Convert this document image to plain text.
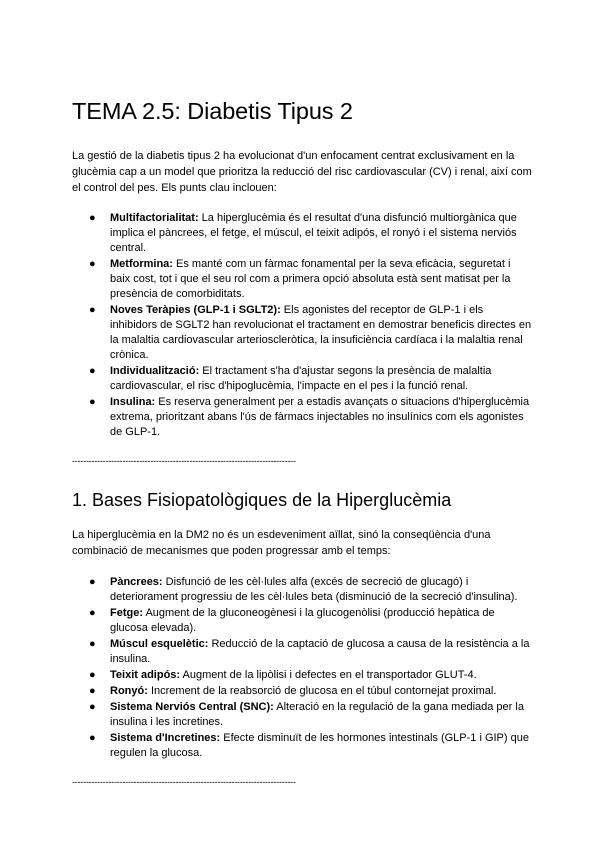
TEMA 2.5: Diabetis Tipus 2

La gestió de la diabetis tipus 2 ha evolucionat d'un enfocament centrat exclusivament en la glucèmia cap a un model que prioritza la reducció del risc cardiovascular (CV) i renal, així com el control del pes. Els punts clau inclouen:

● Multifactorialitat: La hiperglucèmia és el resultat d'una disfunció multiorgànica que implica el pàncrees, el fetge, el múscul, el teixit adipós, el ronyó i el sistema nerviós central.
● Metformina: Es manté com un fàrmac fonamental per la seva eficàcia, seguretat i baix cost, tot i que el seu rol com a primera opció absoluta està sent matisat per la presència de comorbiditats.
● Noves Teràpies (GLP-1 i SGLT2): Els agonistes del receptor de GLP-1 i els inhibidors de SGLT2 han revolucionat el tractament en demostrar beneficis directes en la malaltia cardiovascular arterioscleròtica, la insuficiència cardíaca i la malaltia renal crònica.
● Individualització: El tractament s'ha d'ajustar segons la presència de malaltia cardiovascular, el risc d'hipoglucèmia, l'impacte en el pes i la funció renal.
● Insulina: Es reserva generalment per a estadis avançats o situacions d'hiperglucèmia extrema, prioritzant abans l'ús de fàrmacs injectables no insulínics com els agonistes de GLP-1.
--------------------------------------------------------------------------------
1. Bases Fisiopatològiques de la Hiperglucèmia

La hiperglucèmia en la DM2 no és un esdeveniment aïllat, sinó la conseqüència d'una combinació de mecanismes que poden progressar amb el temps:

● Pàncrees: Disfunció de les cèl·lules alfa (excés de secreció de glucagó) i deteriorament progressiu de les cèl·lules beta (disminució de la secreció d'insulina).
● Fetge: Augment de la gluconeogènesi i la glucogenòlisi (producció hepàtica de glucosa elevada).
● Múscul esquelètic: Reducció de la captació de glucosa a causa de la resistència a la insulina.
● Teixit adipós: Augment de la lipòlisi i defectes en el transportador GLUT-4.
● Ronyó: Increment de la reabsorció de glucosa en el túbul contornejat proximal.
● Sistema Nerviós Central (SNC): Alteració en la regulació de la gana mediada per la insulina i les incretines.
● Sistema d'Incretines: Efecte disminuït de les hormones intestinals (GLP-1 i GIP) que regulen la glucosa.
--------------------------------------------------------------------------------
